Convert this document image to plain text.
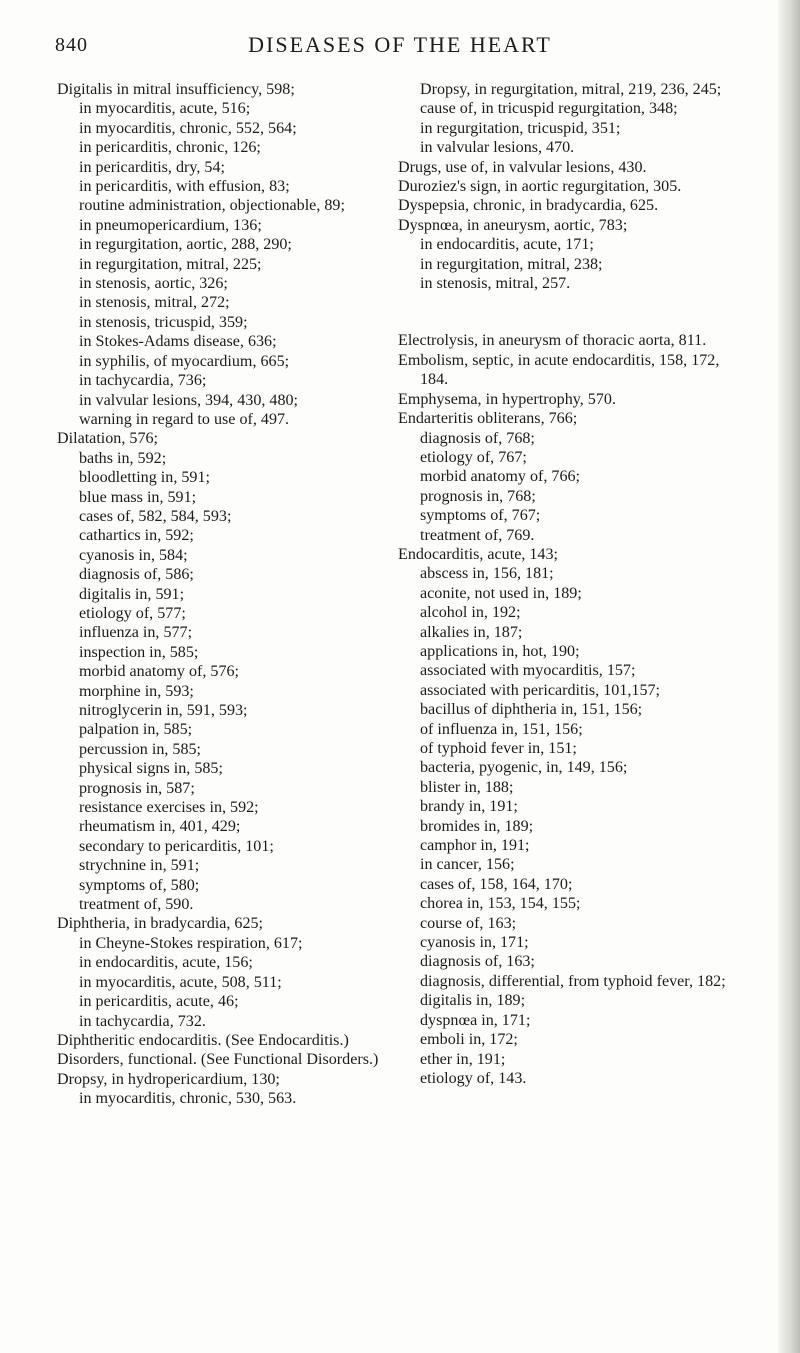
840	DISEASES OF THE HEART
Digitalis in mitral insufficiency, 598;
in myocarditis, acute, 516;
in myocarditis, chronic, 552, 564;
in pericarditis, chronic, 126;
in pericarditis, dry, 54;
in pericarditis, with effusion, 83;
routine administration, objectionable, 89;
in pneumopericardium, 136;
in regurgitation, aortic, 288, 290;
in regurgitation, mitral, 225;
in stenosis, aortic, 326;
in stenosis, mitral, 272;
in stenosis, tricuspid, 359;
in Stokes-Adams disease, 636;
in syphilis, of myocardium, 665;
in tachycardia, 736;
in valvular lesions, 394, 430, 480;
warning in regard to use of, 497.
Dilatation, 576;
baths in, 592;
bloodletting in, 591;
blue mass in, 591;
cases of, 582, 584, 593;
cathartics in, 592;
cyanosis in, 584;
diagnosis of, 586;
digitalis in, 591;
etiology of, 577;
influenza in, 577;
inspection in, 585;
morbid anatomy of, 576;
morphine in, 593;
nitroglycerin in, 591, 593;
palpation in, 585;
percussion in, 585;
physical signs in, 585;
prognosis in, 587;
resistance exercises in, 592;
rheumatism in, 401, 429;
secondary to pericarditis, 101;
strychnine in, 591;
symptoms of, 580;
treatment of, 590.
Diphtheria, in bradycardia, 625;
in Cheyne-Stokes respiration, 617;
in endocarditis, acute, 156;
in myocarditis, acute, 508, 511;
in pericarditis, acute, 46;
in tachycardia, 732.
Diphtheritic endocarditis. (See Endocarditis.)
Disorders, functional. (See Functional Disorders.)
Dropsy, in hydropericardium, 130;
in myocarditis, chronic, 530, 563.
Dropsy, in regurgitation, mitral, 219, 236, 245;
cause of, in tricuspid regurgitation, 348;
in regurgitation, tricuspid, 351;
in valvular lesions, 470.
Drugs, use of, in valvular lesions, 430.
Duroziez's sign, in aortic regurgitation, 305.
Dyspepsia, chronic, in bradycardia, 625.
Dyspnœa, in aneurysm, aortic, 783;
in endocarditis, acute, 171;
in regurgitation, mitral, 238;
in stenosis, mitral, 257.
Electrolysis, in aneurysm of thoracic aorta, 811.
Embolism, septic, in acute endocarditis, 158, 172, 184.
Emphysema, in hypertrophy, 570.
Endarteritis obliterans, 766;
diagnosis of, 768;
etiology of, 767;
morbid anatomy of, 766;
prognosis in, 768;
symptoms of, 767;
treatment of, 769.
Endocarditis, acute, 143;
abscess in, 156, 181;
aconite, not used in, 189;
alcohol in, 192;
alkalies in, 187;
applications in, hot, 190;
associated with myocarditis, 157;
associated with pericarditis, 101,157;
bacillus of diphtheria in, 151, 156;
of influenza in, 151, 156;
of typhoid fever in, 151;
bacteria, pyogenic, in, 149, 156;
blister in, 188;
brandy in, 191;
bromides in, 189;
camphor in, 191;
in cancer, 156;
cases of, 158, 164, 170;
chorea in, 153, 154, 155;
course of, 163;
cyanosis in, 171;
diagnosis of, 163;
diagnosis, differential, from typhoid fever, 182;
digitalis in, 189;
dyspnœa in, 171;
emboli in, 172;
ether in, 191;
etiology of, 143.
